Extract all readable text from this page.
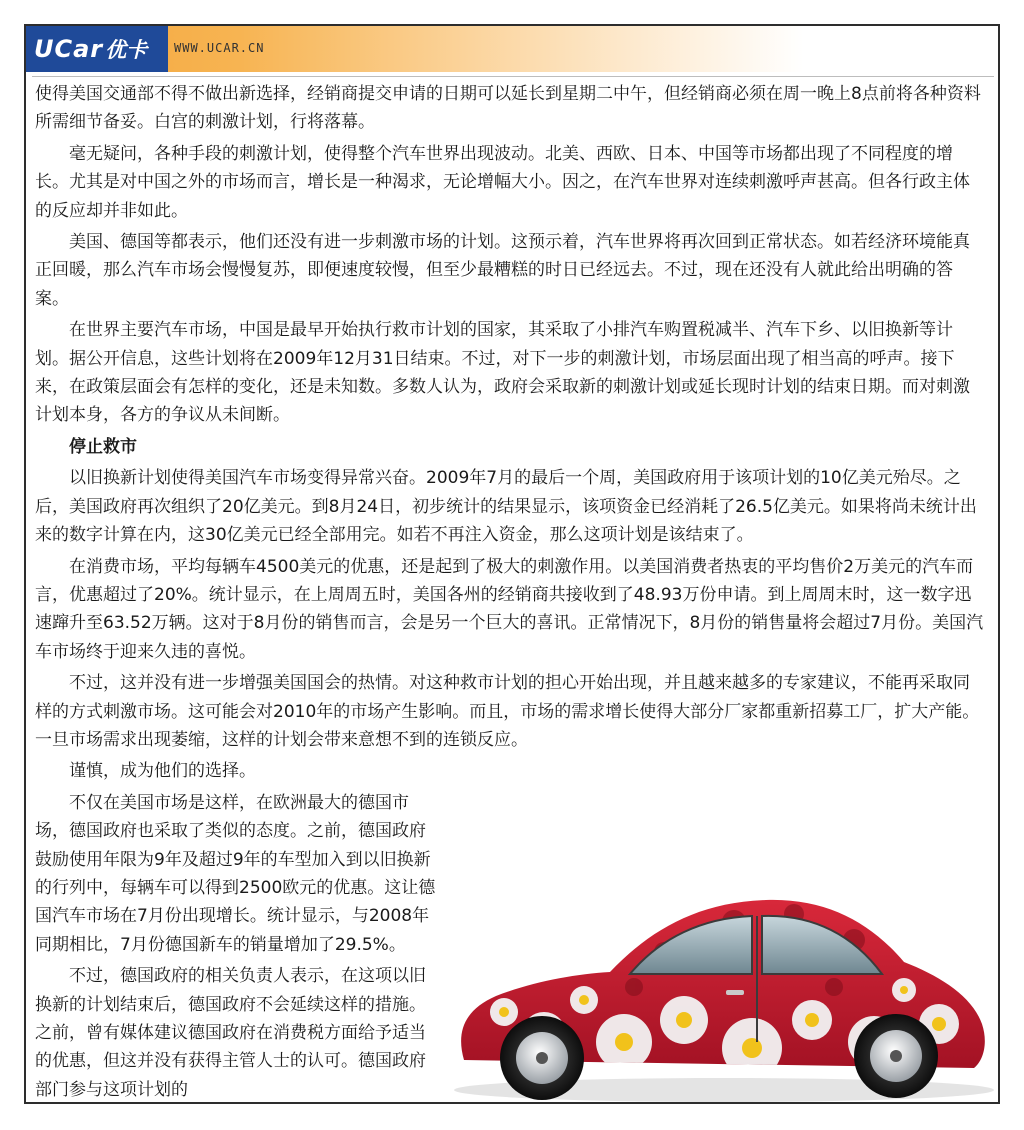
UCar 优卡 WWW.UCAR.CN

使得美国交通部不得不做出新选择，经销商提交申请的日期可以延长到星期二中午，但经销商必须在周一晚上8点前将各种资料所需细节备妥。白宫的刺激计划，行将落幕。

毫无疑问，各种手段的刺激计划，使得整个汽车世界出现波动。北美、西欧、日本、中国等市场都出现了不同程度的增长。尤其是对中国之外的市场而言，增长是一种渴求，无论增幅大小。因之，在汽车世界对连续刺激呼声甚高。但各行政主体的反应却并非如此。

美国、德国等都表示，他们还没有进一步刺激市场的计划。这预示着，汽车世界将再次回到正常状态。如若经济环境能真正回暖，那么汽车市场会慢慢复苏，即便速度较慢，但至少最糟糕的时日已经远去。不过，现在还没有人就此给出明确的答案。

在世界主要汽车市场，中国是最早开始执行救市计划的国家，其采取了小排汽车购置税减半、汽车下乡、以旧换新等计划。据公开信息，这些计划将在2009年12月31日结束。不过，对下一步的刺激计划，市场层面出现了相当高的呼声。接下来，在政策层面会有怎样的变化，还是未知数。多数人认为，政府会采取新的刺激计划或延长现时计划的结束日期。而对刺激计划本身，各方的争议从未间断。

停止救市

以旧换新计划使得美国汽车市场变得异常兴奋。2009年7月的最后一个周，美国政府用于该项计划的10亿美元殆尽。之后，美国政府再次组织了20亿美元。到8月24日，初步统计的结果显示，该项资金已经消耗了26.5亿美元。如果将尚未统计出来的数字计算在内，这30亿美元已经全部用完。如若不再注入资金，那么这项计划是该结束了。

在消费市场，平均每辆车4500美元的优惠，还是起到了极大的刺激作用。以美国消费者热衷的平均售价2万美元的汽车而言，优惠超过了20%。统计显示，在上周周五时，美国各州的经销商共接收到了48.93万份申请。到上周周末时，这一数字迅速蹿升至63.52万辆。这对于8月份的销售而言，会是另一个巨大的喜讯。正常情况下，8月份的销售量将会超过7月份。美国汽车市场终于迎来久违的喜悦。

不过，这并没有进一步增强美国国会的热情。对这种救市计划的担心开始出现，并且越来越多的专家建议，不能再采取同样的方式刺激市场。这可能会对2010年的市场产生影响。而且，市场的需求增长使得大部分厂家都重新招募工厂，扩大产能。一旦市场需求出现萎缩，这样的计划会带来意想不到的连锁反应。

谨慎，成为他们的选择。

不仅在美国市场是这样，在欧洲最大的德国市场，德国政府也采取了类似的态度。之前，德国政府鼓励使用年限为9年及超过9年的车型加入到以旧换新的行列中，每辆车可以得到2500欧元的优惠。这让德国汽车市场在7月份出现增长。统计显示，与2008年同期相比，7月份德国新车的销量增加了29.5%。

不过，德国政府的相关负责人表示，在这项以旧换新的计划结束后，德国政府不会延续这样的措施。之前，曾有媒体建议德国政府在消费税方面给予适当的优惠，但这并没有获得主管人士的认可。德国政府部门参与这项计划的
